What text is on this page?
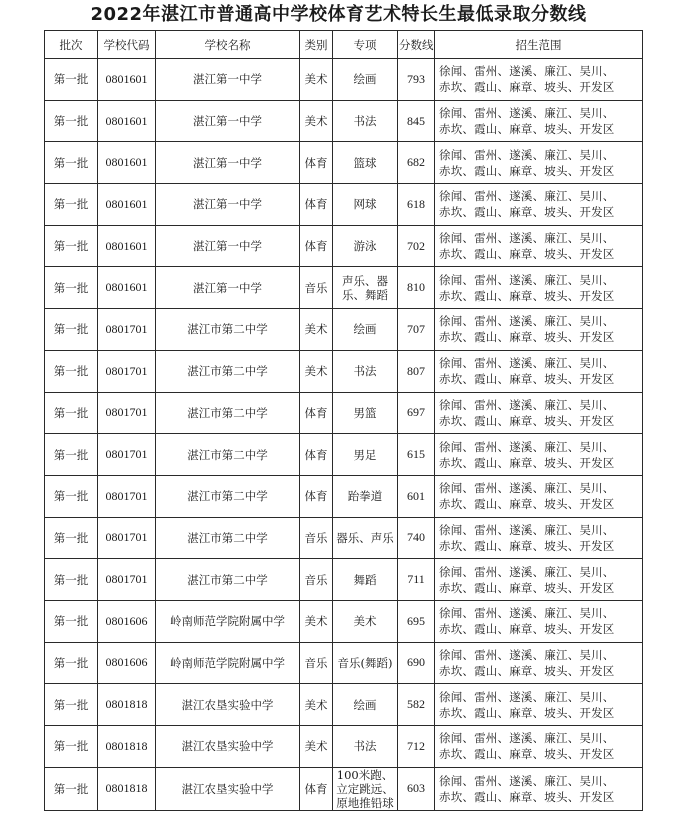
2022年湛江市普通高中学校体育艺术特长生最低录取分数线
批次	学校代码	学校名称	类别	专项	分数线	招生范围
第一批	0801601	湛江第一中学	美术	绘画	793	徐闻、雷州、遂溪、廉江、吴川、
赤坎、霞山、麻章、坡头、开发区
第一批	0801601	湛江第一中学	美术	书法	845	徐闻、雷州、遂溪、廉江、吴川、
赤坎、霞山、麻章、坡头、开发区
第一批	0801601	湛江第一中学	体育	篮球	682	徐闻、雷州、遂溪、廉江、吴川、
赤坎、霞山、麻章、坡头、开发区
第一批	0801601	湛江第一中学	体育	网球	618	徐闻、雷州、遂溪、廉江、吴川、
赤坎、霞山、麻章、坡头、开发区
第一批	0801601	湛江第一中学	体育	游泳	702	徐闻、雷州、遂溪、廉江、吴川、
赤坎、霞山、麻章、坡头、开发区
第一批	0801601	湛江第一中学	音乐	声乐、器乐、舞蹈	810	徐闻、雷州、遂溪、廉江、吴川、
赤坎、霞山、麻章、坡头、开发区
第一批	0801701	湛江市第二中学	美术	绘画	707	徐闻、雷州、遂溪、廉江、吴川、
赤坎、霞山、麻章、坡头、开发区
第一批	0801701	湛江市第二中学	美术	书法	807	徐闻、雷州、遂溪、廉江、吴川、
赤坎、霞山、麻章、坡头、开发区
第一批	0801701	湛江市第二中学	体育	男篮	697	徐闻、雷州、遂溪、廉江、吴川、
赤坎、霞山、麻章、坡头、开发区
第一批	0801701	湛江市第二中学	体育	男足	615	徐闻、雷州、遂溪、廉江、吴川、
赤坎、霞山、麻章、坡头、开发区
第一批	0801701	湛江市第二中学	体育	跆拳道	601	徐闻、雷州、遂溪、廉江、吴川、
赤坎、霞山、麻章、坡头、开发区
第一批	0801701	湛江市第二中学	音乐	器乐、声乐	740	徐闻、雷州、遂溪、廉江、吴川、
赤坎、霞山、麻章、坡头、开发区
第一批	0801701	湛江市第二中学	音乐	舞蹈	711	徐闻、雷州、遂溪、廉江、吴川、
赤坎、霞山、麻章、坡头、开发区
第一批	0801606	岭南师范学院附属中学	美术	美术	695	徐闻、雷州、遂溪、廉江、吴川、
赤坎、霞山、麻章、坡头、开发区
第一批	0801606	岭南师范学院附属中学	音乐	音乐(舞蹈)	690	徐闻、雷州、遂溪、廉江、吴川、
赤坎、霞山、麻章、坡头、开发区
第一批	0801818	湛江农垦实验中学	美术	绘画	582	徐闻、雷州、遂溪、廉江、吴川、
赤坎、霞山、麻章、坡头、开发区
第一批	0801818	湛江农垦实验中学	美术	书法	712	徐闻、雷州、遂溪、廉江、吴川、
赤坎、霞山、麻章、坡头、开发区
第一批	0801818	湛江农垦实验中学	体育	100米跑、立定跳远、原地推铅球	603	徐闻、雷州、遂溪、廉江、吴川、
赤坎、霞山、麻章、坡头、开发区
